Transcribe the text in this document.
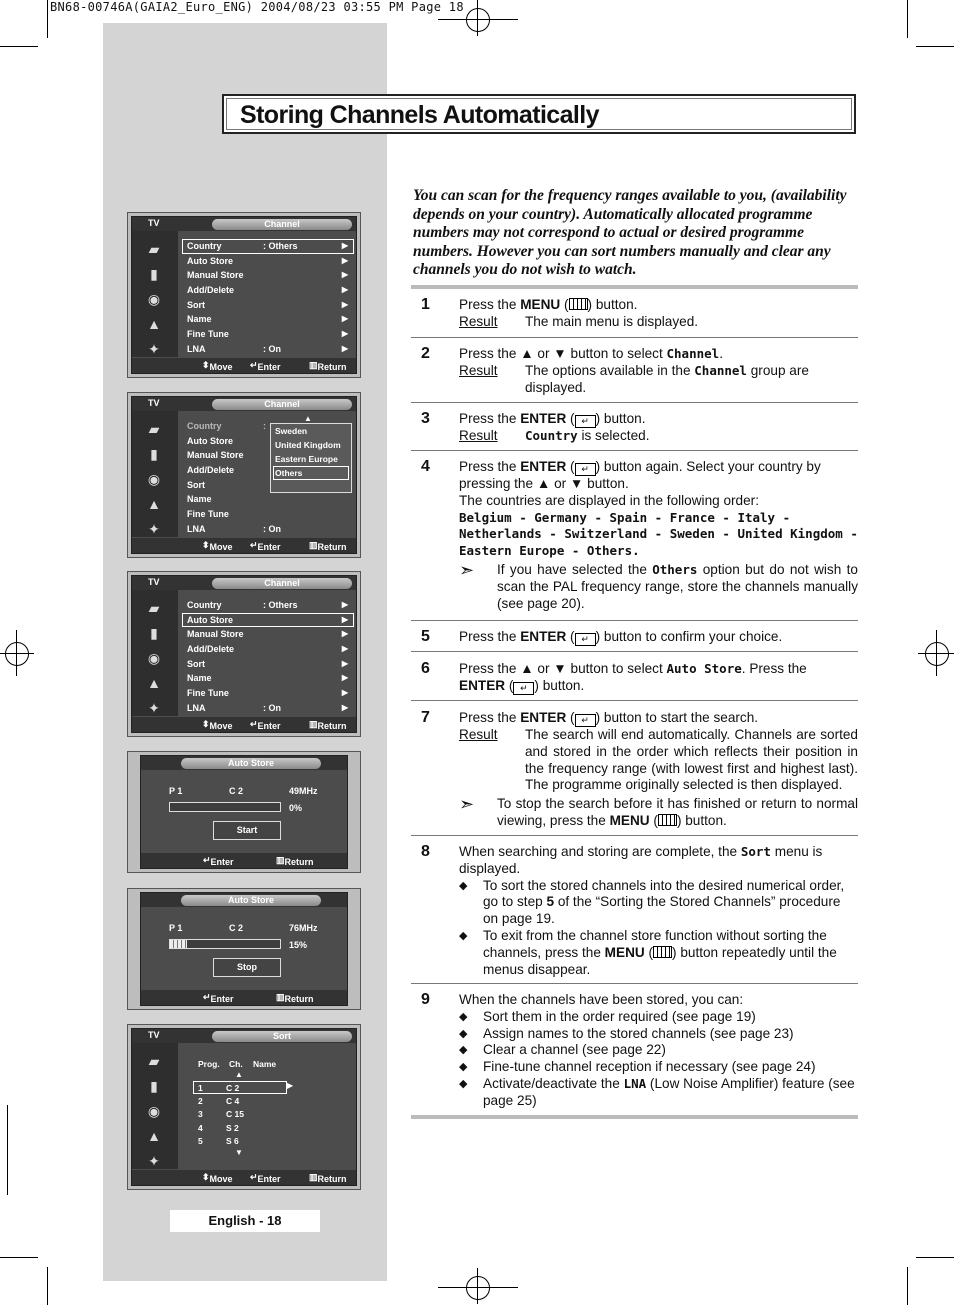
BN68-00746A(GAIA2_Euro_ENG) 2004/08/23 03:55 PM Page 18
Storing Channels Automatically
You can scan for the frequency ranges available to you, (availability depends on your country). Automatically allocated programme numbers may not correspond to actual or desired programme numbers. However you can sort numbers manually and clear any channels you do not wish to watch.
1 Press the MENU ( ) button.
Result	The main menu is displayed.
2 Press the ▲ or ▼ button to select Channel.
Result	The options available in the Channel group are displayed.
3 Press the ENTER ( ↵ ) button.
Result	Country is selected.
4 Press the ENTER ( ↵ ) button again. Select your country by pressing the ▲ or ▼ button.
The countries are displayed in the following order:
Belgium - Germany - Spain - France - Italy - Netherlands - Switzerland - Sweden - United Kingdom - Eastern Europe - Others.
➣	If you have selected the Others option but do not wish to scan the PAL frequency range, store the channels manually (see page 20).
5 Press the ENTER ( ↵ ) button to confirm your choice.
6 Press the ▲ or ▼ button to select Auto Store. Press the
ENTER ( ↵ ) button.
7 Press the ENTER ( ↵ ) button to start the search.
Result	The search will end automatically. Channels are sorted and stored in the order which reflects their position in the frequency range (with lowest first and highest last). The programme originally selected is then displayed.
➣	To stop the search before it has finished or return to normal viewing, press the MENU ( ) button.
8 When searching and storing are complete, the Sort menu is displayed.
◆	To sort the stored channels into the desired numerical order, go to step 5 of the “Sorting the Stored Channels” procedure on page 19.
◆	To exit from the channel store function without sorting the channels, press the MENU ( ) button repeatedly until the menus disappear.
9 When the channels have been stored, you can:
◆	Sort them in the order required (see page 19)
◆	Assign names to the stored channels (see page 23)
◆	Clear a channel (see page 22)
◆	Fine-tune channel reception if necessary (see page 24)
◆	Activate/deactivate the LNA (Low Noise Amplifier) feature (see page 25)
TV	Channel
▰
▮
◉
▲
✦
Country	: Others	▶
Auto Store	▶
Manual Store	▶
Add/Delete	▶
Sort	▶
Name	▶
Fine Tune	▶
LNA	: On	▶
⬍ Move ↵ Enter	▥ Return
TV	Channel
▰
▮
◉
▲
✦
Country	:
Auto Store
Manual Store
Add/Delete
Sort
Name
Fine Tune
LNA	: On
▲
Sweden
United Kingdom
Eastern Europe
Others
⬍ Move ↵ Enter	▥ Return
TV	Channel
▰
▮
◉
▲
✦
Country	: Others	▶
Auto Store	▶
Manual Store	▶
Add/Delete	▶
Sort	▶
Name	▶
Fine Tune	▶
LNA	: On	▶
⬍ Move ↵ Enter	▥ Return
Auto Store
P 1	C 2	49MHz
0%
Start
↵ Enter	▥ Return
Auto Store
P 1	C 2	76MHz
15%
Stop
↵ Enter	▥ Return
TV	Sort
▰
▮
◉
▲
✦
Prog. Ch. Name
▲
▶
1	C 2
2	C 4
3	C 15
4	S 2
5	S 6
▼
⬍ Move ↵ Enter	▥ Return
English - 18
